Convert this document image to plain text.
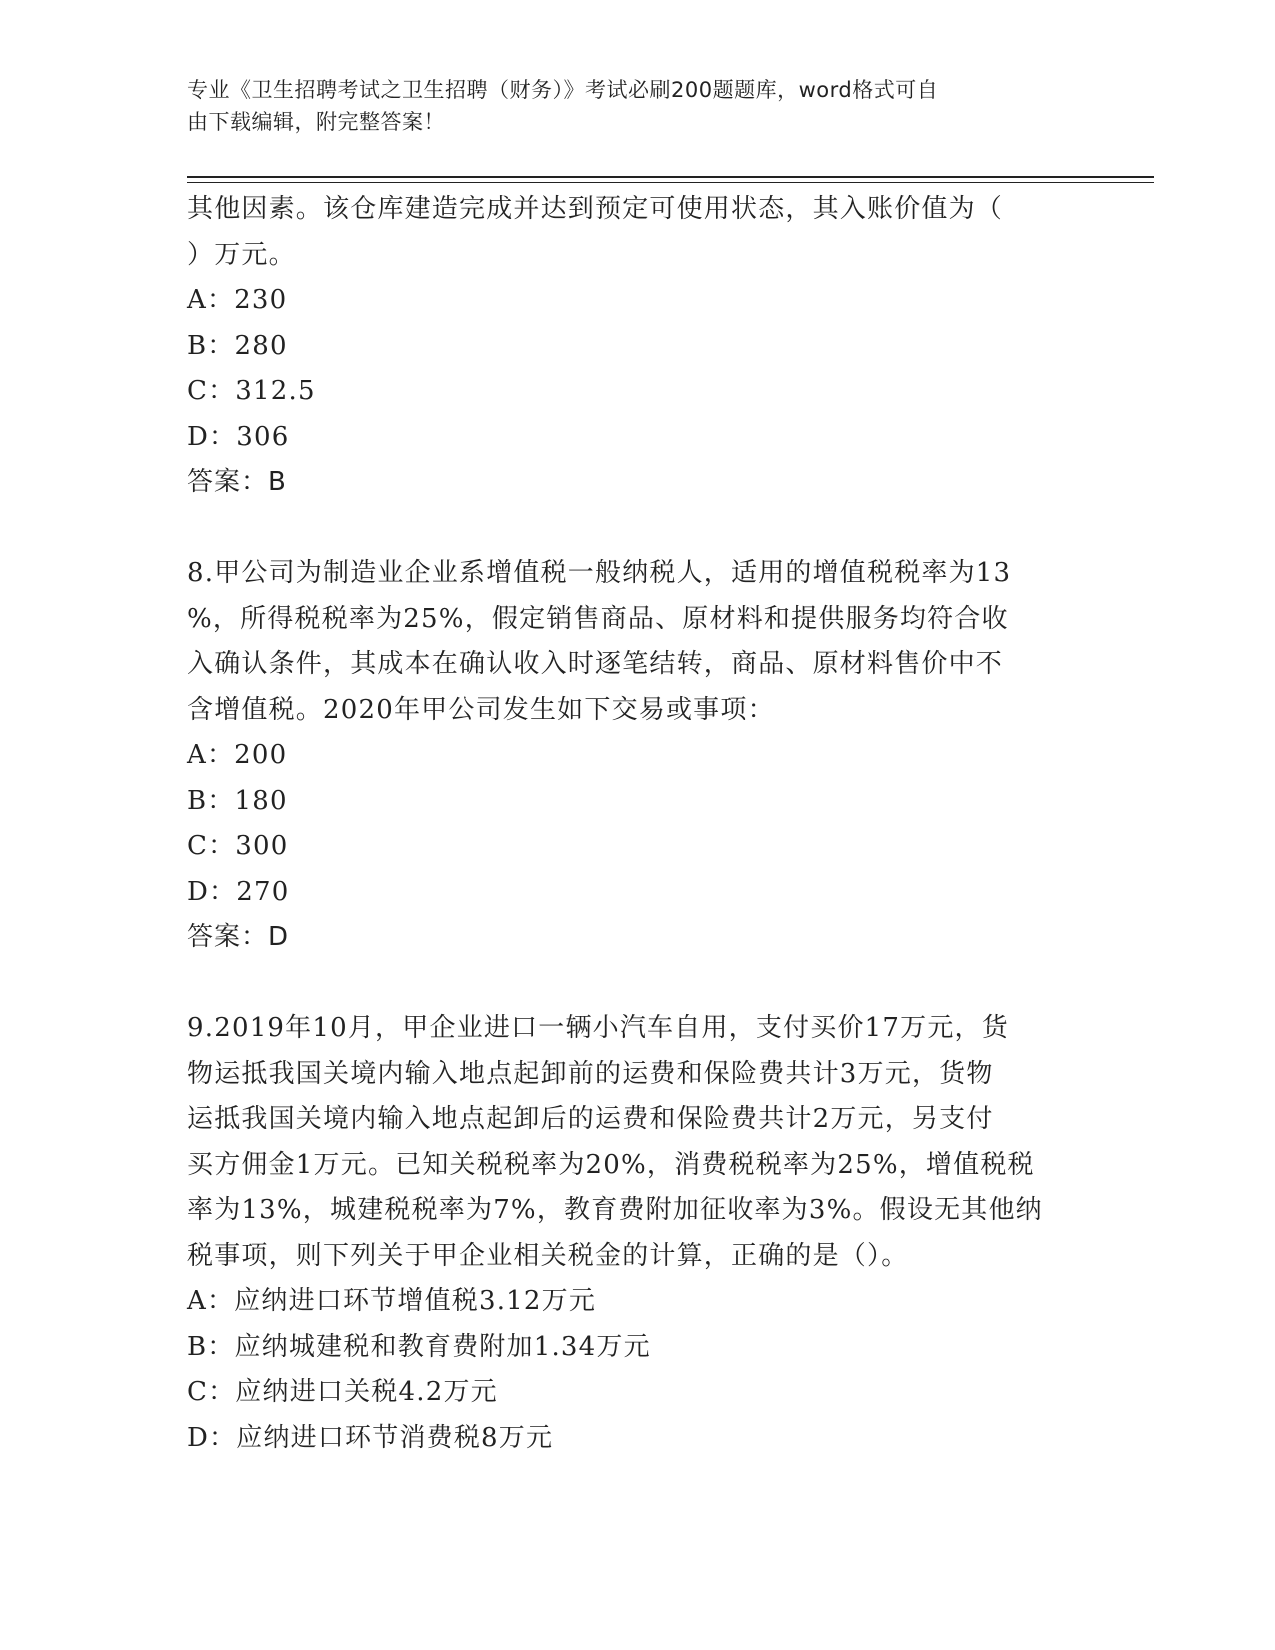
专业《卫生招聘考试之卫生招聘（财务）》考试必刷200题题库，word格式可自
由下载编辑，附完整答案！
其他因素。该仓库建造完成并达到预定可使用状态，其入账价值为（
）万元。
A：230
B：280
C：312.5
D：306
答案：B
8.甲公司为制造业企业系增值税一般纳税人，适用的增值税税率为13
%，所得税税率为25%，假定销售商品、原材料和提供服务均符合收
入确认条件，其成本在确认收入时逐笔结转，商品、原材料售价中不
含增值税。2020年甲公司发生如下交易或事项：
A：200
B：180
C：300
D：270
答案：D
9.2019年10月，甲企业进口一辆小汽车自用，支付买价17万元，货
物运抵我国关境内输入地点起卸前的运费和保险费共计3万元，货物
运抵我国关境内输入地点起卸后的运费和保险费共计2万元，另支付
买方佣金1万元。已知关税税率为20%，消费税税率为25%，增值税税
率为13%，城建税税率为7%，教育费附加征收率为3%。假设无其他纳
税事项，则下列关于甲企业相关税金的计算，正确的是（）。
A：应纳进口环节增值税3.12万元
B：应纳城建税和教育费附加1.34万元
C：应纳进口关税4.2万元
D：应纳进口环节消费税8万元
